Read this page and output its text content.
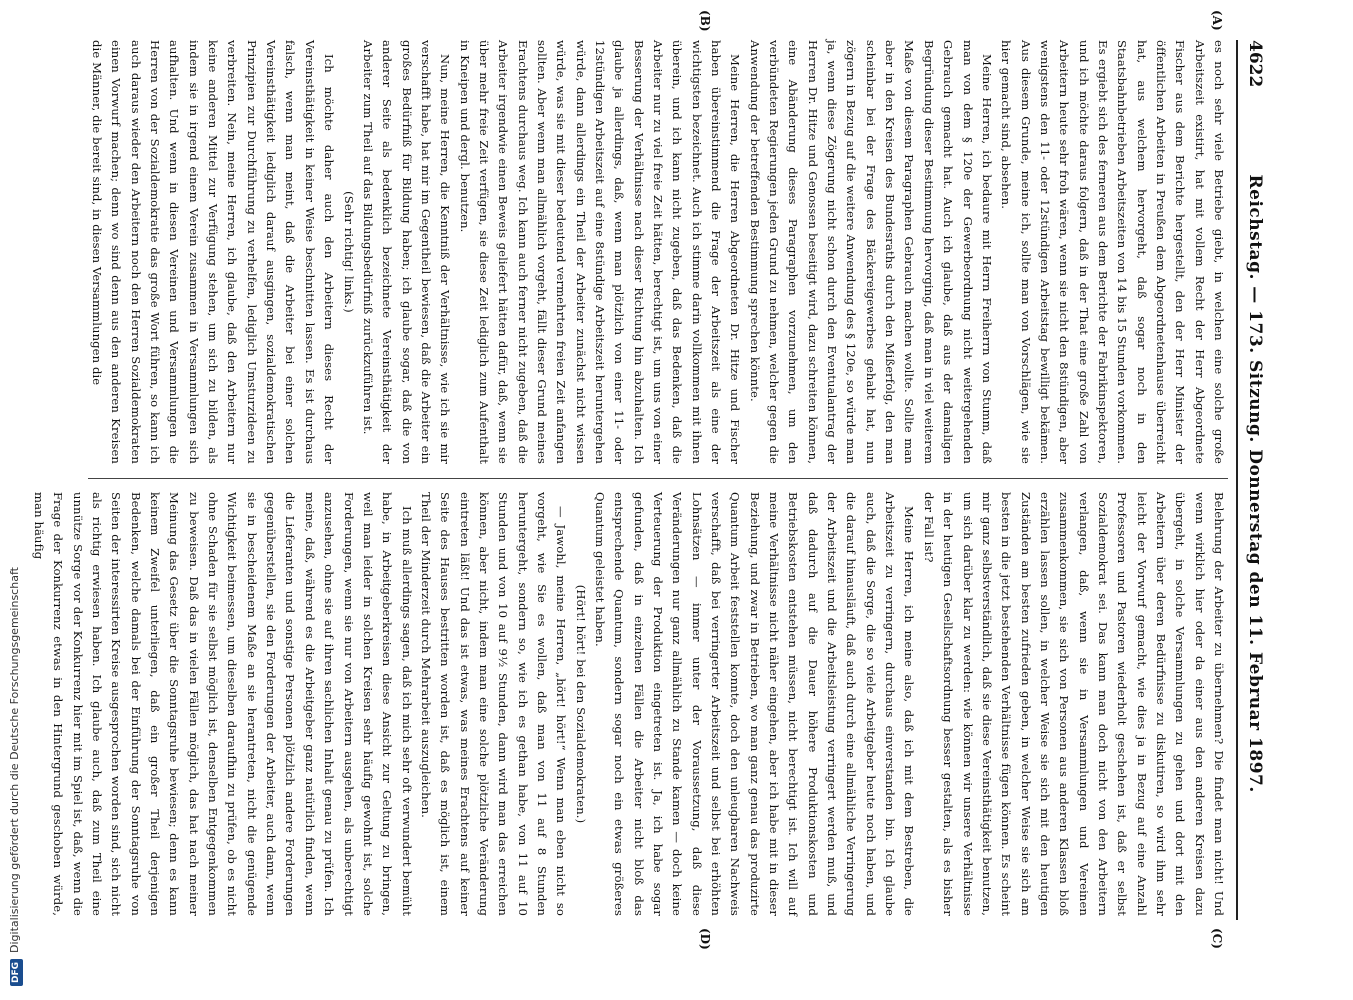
DFGDigitalisierung gefördert durch die Deutsche Forschungsgemeinschaft
4622
Reichstag. — 173. Sitzung. Donnerstag den 11. Februar 1897.
(A)
(B)
(C)
(D)

es noch sehr viele Betriebe giebt, in welchen eine solche große Arbeitszeit existirt, hat mit vollem Recht der Herr Abgeordnete Fischer aus dem Berichte hergestellt, den der Herr Minister der öffentlichen Arbeiten in Preußen dem Abgeordnetenhause überreicht hat, aus welchem hervorgeht, daß sogar noch in den Staatsbahnbetrieben Arbeitszeiten von 14 bis 15 Stunden vorkommen. Es ergiebt sich des ferneren aus dem Berichte der Fabrikinspektoren, und ich möchte daraus folgern, daß in der That eine große Zahl von Arbeitern heute sehr froh wären, wenn sie nicht den 8stündigen, aber wenigstens den 11- oder 12stündigen Arbeitstag bewilligt bekämen. Aus diesem Grunde, meine ich, sollte man von Vorschlägen, wie sie hier gemacht sind, absehen.

Meine Herren, ich bedaure mit Herrn Freiherrn von Stumm, daß man von dem § 120e der Gewerbeordnung nicht weitergehenden Gebrauch gemacht hat. Auch ich glaube, daß aus der damaligen Begründung dieser Bestimmung hervorging, daß man in viel weiterem Maße von diesem Paragraphen Gebrauch machen wollte. Sollte man aber in den Kreisen des Bundesraths durch den Mißerfolg, den man scheinbar bei der Frage des Bäckereigewerbes gehabt hat, nun zögern in Bezug auf die weitere Anwendung des § 120e, so würde man ja, wenn diese Zögerung nicht schon durch den Eventualantrag der Herren Dr. Hitze und Genossen beseitigt wird, dazu schreiten können, eine Abänderung dieses Paragraphen vorzunehmen, um den verbündeten Regierungen jeden Grund zu nehmen, welcher gegen die Anwendung der betreffenden Bestimmung sprechen könnte.

Meine Herren, die Herren Abgeordneten Dr. Hitze und Fischer haben übereinstimmend die Frage der Arbeitszeit als eine der wichtigsten bezeichnet. Auch ich stimme darin vollkommen mit ihnen überein, und ich kann nicht zugeben, daß das Bedenken, daß die Arbeiter nur zu viel freie Zeit hätten, berechtigt ist, um uns von einer Besserung der Verhältnisse nach dieser Richtung hin abzuhalten. Ich glaube ja allerdings, daß, wenn man plötzlich von einer 11- oder 12stündigen Arbeitszeit auf eine 8stündige Arbeitszeit heruntergehen würde, dann allerdings ein Theil der Arbeiter zunächst nicht wissen würde, was sie mit dieser bedeutend vermehrten freien Zeit anfangen sollten. Aber wenn man allmählich vorgeht, fällt dieser Grund meines Erachtens durchaus weg. Ich kann auch ferner nicht zugeben, daß die Arbeiter irgendwie einen Beweis geliefert hätten dafür, daß, wenn sie über mehr freie Zeit verfügen, sie diese Zeit lediglich zum Aufenthalt in Kneipen und dergl. benutzen.

Nun, meine Herren, die Kenntniß der Verhältnisse, wie ich sie mir verschafft habe, hat mir im Gegentheil bewiesen, daß die Arbeiter ein großes Bedürfniß für Bildung haben; ich glaube sogar, daß die von anderer Seite als bedenklich bezeichnete Vereinsthätigkeit der Arbeiter zum Theil auf das Bildungsbedürfniß zurückzuführen ist.

(Sehr richtig! links.)

Ich möchte daher auch den Arbeitern dieses Recht der Vereinsthätigkeit in keiner Weise beschnitten lassen. Es ist durchaus falsch, wenn man meint, daß die Arbeiter bei einer solchen Vereinsthätigkeit lediglich darauf ausgingen, sozialdemokratischen Prinzipien zur Durchführung zu verhelfen, lediglich Umsturzideen zu verbreiten. Nein, meine Herren, ich glaube, daß den Arbeitern nur keine anderen Mittel zur Verfügung stehen, um sich zu bilden, als indem sie in irgend einem Verein zusammen in Versammlungen sich aufhalten. Und wenn in diesen Vereinen und Versammlungen die Herren von der Sozialdemokratie das große Wort führen, so kann ich auch daraus wieder den Arbeitern noch den Herren Sozialdemokraten einen Vorwurf machen; denn wo sind denn aus den anderen Kreisen die Männer, die bereit sind, in diesen Versammlungen die

Belehrung der Arbeiter zu übernehmen? Die findet man nicht! Und wenn wirklich hier oder da einer aus den anderen Kreisen dazu übergeht, in solche Versammlungen zu gehen und dort mit den Arbeitern über deren Bedürfnisse zu diskutiren, so wird ihm sehr leicht der Vorwurf gemacht, wie dies ja in Bezug auf eine Anzahl Professoren und Pastoren wiederholt geschehen ist, daß er selbst Sozialdemokrat sei. Das kann man doch nicht von den Arbeitern verlangen, daß, wenn sie in Versammlungen und Vereinen zusammenkommen, sie sich von Personen aus anderen Klassen bloß erzählen lassen sollen, in welcher Weise sie sich mit den heutigen Zuständen am besten zufrieden geben, in welcher Weise sie sich am besten in die jetzt bestehenden Verhältnisse fügen können. Es scheint mir ganz selbstverständlich, daß sie diese Vereinsthätigkeit benutzen, um sich darüber klar zu werden: wie können wir unsere Verhältnisse in der heutigen Gesellschaftsordnung besser gestalten, als es bisher der Fall ist?

Meine Herren, ich meine also, daß ich mit dem Bestreben, die Arbeitszeit zu verringern, durchaus einverstanden bin. Ich glaube auch, daß die Sorge, die so viele Arbeitgeber heute noch haben, und die darauf hinausläuft, daß auch durch eine allmähliche Verringerung der Arbeitszeit und die Arbeitsleistung verringert werden muß, und daß dadurch auf die Dauer höhere Produktionskosten und Betriebskosten entstehen müssen, nicht berechtigt ist. Ich will auf meine Verhältnisse nicht näher eingehen, aber ich habe mit in dieser Beziehung, und zwar in Betrieben, wo man ganz genau das produzirte Quantum Arbeit feststellen konnte, doch den unleugbaren Nachweis verschafft, daß bei verringerter Arbeitszeit und selbst bei erhöhten Lohnsätzen — immer unter der Voraussetzung, daß diese Veränderungen nur ganz allmählich zu Stande kamen — doch keine Verteuerung der Produktion eingetreten ist. Ja, ich habe sogar gefunden, daß in einzelnen Fällen die Arbeiter nicht bloß das entsprechende Quantum, sondern sogar noch ein etwas größeres Quantum geleistet haben.

(Hört! hört! bei den Sozialdemokraten.)

— Jawohl, meine Herren, „hört! hört!“ Wenn man eben nicht so vorgeht, wie Sie es wollen, daß man von 11 auf 8 Stunden heruntergeht, sondern so, wie ich es gethan habe, von 11 auf 10 Stunden und von 10 auf 9½ Stunden, dann wird man das erreichen können, aber nicht, indem man eine solche plötzliche Veränderung eintreten läßt! Und das ist etwas, was meines Erachtens auf keiner Seite des Hauses bestritten worden ist, daß es möglich ist, einem Theil der Minderzeit durch Mehrarbeit auszugleichen.

Ich muß allerdings sagen, daß ich mich sehr oft verwundert bemüht habe, in Arbeitgeberkreisen diese Ansicht zur Geltung zu bringen, weil man leider in solchen Kreisen sehr häufig gewohnt ist, solche Forderungen, wenn sie nur von Arbeitern ausgehen, als unberechtigt anzusehen, ohne sie auf ihren sachlichen Inhalt genau zu prüfen. Ich meine, daß, während es die Arbeitgeber ganz natürlich finden, wenn die Lieferanten und sonstige Personen plötzlich andere Forderungen gegenüberstellen, sie den Forderungen der Arbeiter, auch dann, wenn sie in bescheidenem Maße an sie herantreten, nicht die genügende Wichtigkeit beimessen, um dieselben daraufhin zu prüfen, ob es nicht ohne Schaden für sie selbst möglich ist, denselben Entgegenkommen zu beweisen. Daß das in vielen Fällen möglich, das hat nach meiner Meinung das Gesetz über die Sonntagsruhe bewiesen; denn es kann keinem Zweifel unterliegen, daß ein großer Theil derjenigen Bedenken, welche damals bei der Einführung der Sonntagsruhe von Seiten der interessirten Kreise ausgesprochen worden sind, sich nicht als richtig erwiesen haben. Ich glaube auch, daß zum Theil eine unnütze Sorge vor der Konkurrenz hier mit im Spiel ist, daß, wenn die Frage der Konkurrenz etwas in den Hintergrund geschoben würde, man häufig
